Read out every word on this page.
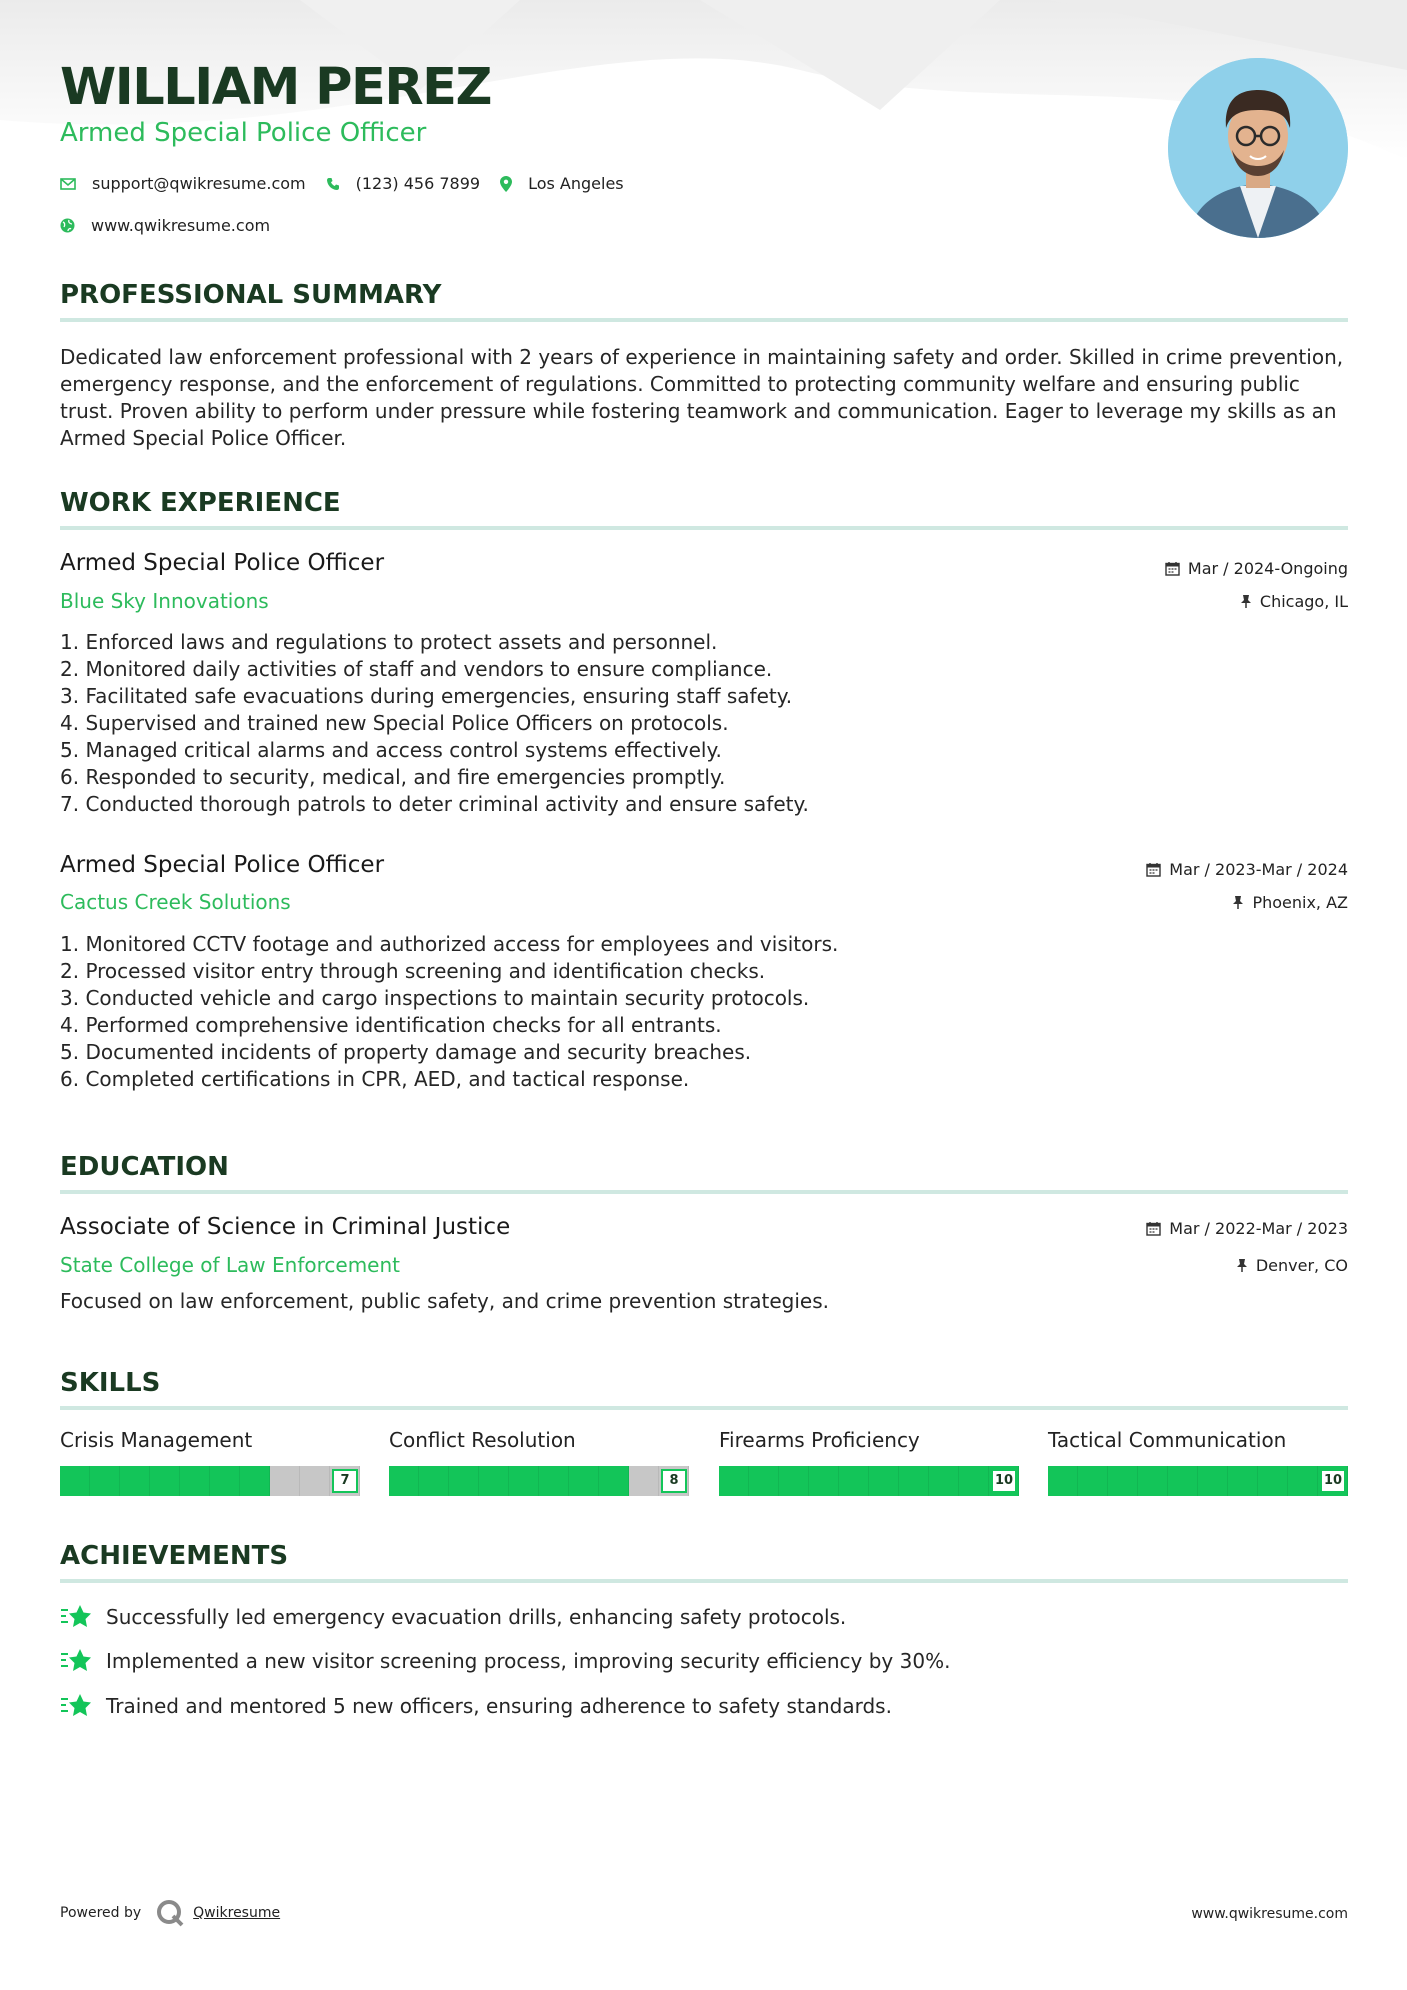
WILLIAM PEREZ
Armed Special Police Officer
support@qwikresume.com	(123) 456 7899	Los Angeles
www.qwikresume.com
PROFESSIONAL SUMMARY
Dedicated law enforcement professional with 2 years of experience in maintaining safety and order. Skilled in crime prevention, emergency response, and the enforcement of regulations. Committed to protecting community welfare and ensuring public trust. Proven ability to perform under pressure while fostering teamwork and communication. Eager to leverage my skills as an Armed Special Police Officer.
WORK EXPERIENCE
Armed Special Police Officer
Blue Sky Innovations
Mar / 2024-Ongoing
Chicago, IL
1. Enforced laws and regulations to protect assets and personnel.
2. Monitored daily activities of staff and vendors to ensure compliance.
3. Facilitated safe evacuations during emergencies, ensuring staff safety.
4. Supervised and trained new Special Police Officers on protocols.
5. Managed critical alarms and access control systems effectively.
6. Responded to security, medical, and fire emergencies promptly.
7. Conducted thorough patrols to deter criminal activity and ensure safety.
Armed Special Police Officer
Cactus Creek Solutions
Mar / 2023-Mar / 2024
Phoenix, AZ
1. Monitored CCTV footage and authorized access for employees and visitors.
2. Processed visitor entry through screening and identification checks.
3. Conducted vehicle and cargo inspections to maintain security protocols.
4. Performed comprehensive identification checks for all entrants.
5. Documented incidents of property damage and security breaches.
6. Completed certifications in CPR, AED, and tactical response.
EDUCATION
Associate of Science in Criminal Justice
State College of Law Enforcement
Mar / 2022-Mar / 2023
Denver, CO
Focused on law enforcement, public safety, and crime prevention strategies.
SKILLS
Crisis Management
7
Conflict Resolution
8
Firearms Proficiency
10
Tactical Communication
10
ACHIEVEMENTS
Successfully led emergency evacuation drills, enhancing safety protocols.
Implemented a new visitor screening process, improving security efficiency by 30%.
Trained and mentored 5 new officers, ensuring adherence to safety standards.
Powered by	Qwikresume	www.qwikresume.com
